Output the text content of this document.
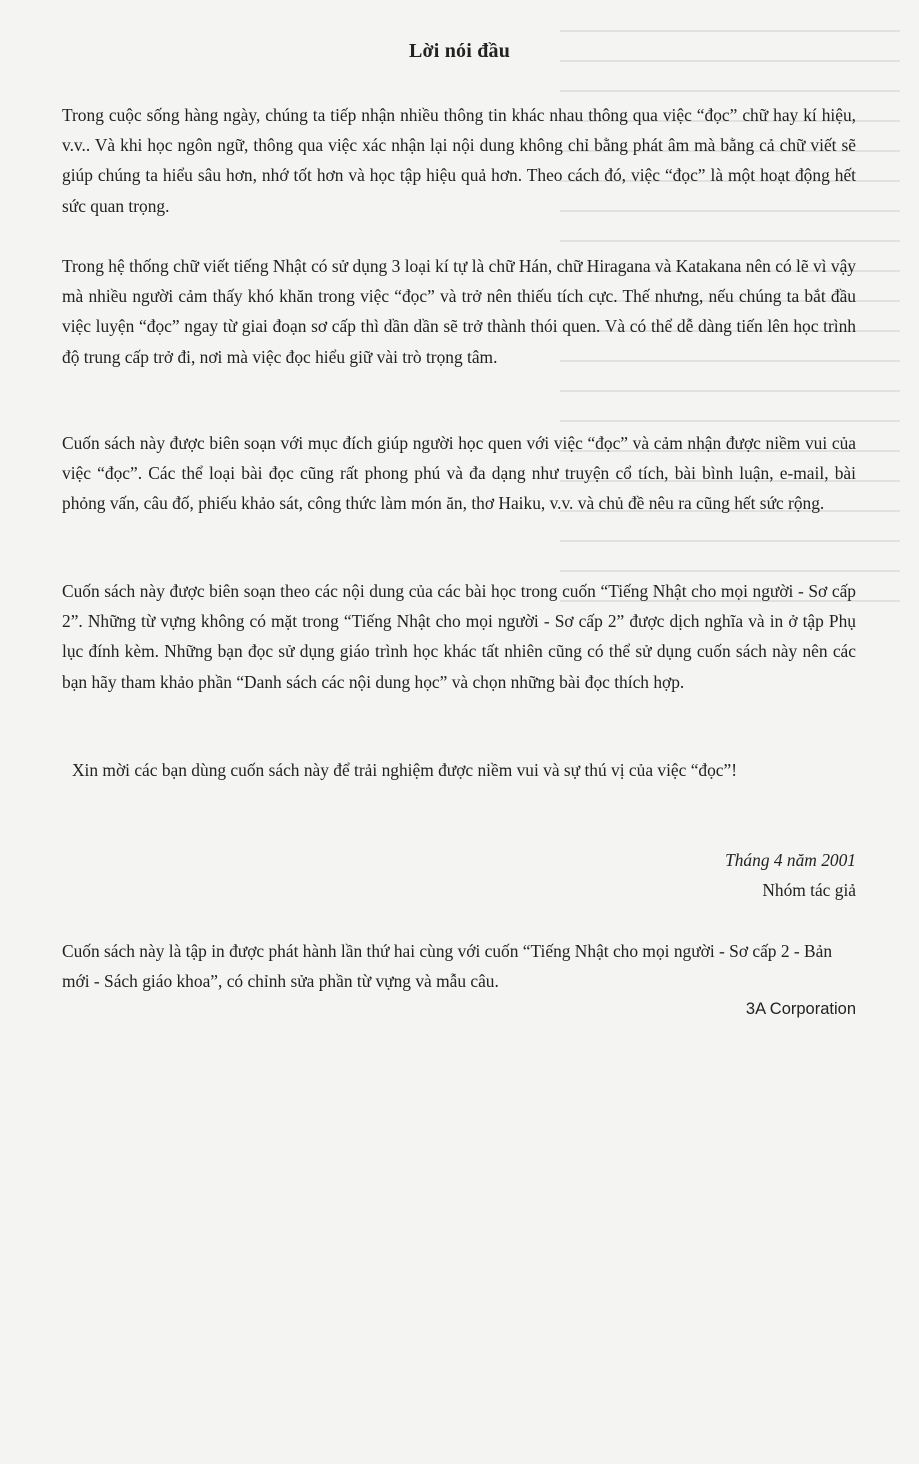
Lời nói đầu
Trong cuộc sống hàng ngày, chúng ta tiếp nhận nhiều thông tin khác nhau thông qua việc “đọc” chữ hay kí hiệu, v.v.. Và khi học ngôn ngữ, thông qua việc xác nhận lại nội dung không chỉ bằng phát âm mà bằng cả chữ viết sẽ giúp chúng ta hiểu sâu hơn, nhớ tốt hơn và học tập hiệu quả hơn. Theo cách đó, việc “đọc” là một hoạt động hết sức quan trọng.
Trong hệ thống chữ viết tiếng Nhật có sử dụng 3 loại kí tự là chữ Hán, chữ Hiragana và Katakana nên có lẽ vì vậy mà nhiều người cảm thấy khó khăn trong việc “đọc” và trở nên thiếu tích cực. Thế nhưng, nếu chúng ta bắt đầu việc luyện “đọc” ngay từ giai đoạn sơ cấp thì dần dần sẽ trở thành thói quen. Và có thể dễ dàng tiến lên học trình độ trung cấp trở đi, nơi mà việc đọc hiểu giữ vài trò trọng tâm.
Cuốn sách này được biên soạn với mục đích giúp người học quen với việc “đọc” và cảm nhận được niềm vui của việc “đọc”. Các thể loại bài đọc cũng rất phong phú và đa dạng như truyện cổ tích, bài bình luận, e-mail, bài phỏng vấn, câu đố, phiếu khảo sát, công thức làm món ăn, thơ Haiku, v.v. và chủ đề nêu ra cũng hết sức rộng.
Cuốn sách này được biên soạn theo các nội dung của các bài học trong cuốn “Tiếng Nhật cho mọi người - Sơ cấp 2”. Những từ vựng không có mặt trong “Tiếng Nhật cho mọi người - Sơ cấp 2” được dịch nghĩa và in ở tập Phụ lục đính kèm. Những bạn đọc sử dụng giáo trình học khác tất nhiên cũng có thể sử dụng cuốn sách này nên các bạn hãy tham khảo phần “Danh sách các nội dung học” và chọn những bài đọc thích hợp.
Xin mời các bạn dùng cuốn sách này để trải nghiệm được niềm vui và sự thú vị của việc “đọc”!
Tháng 4 năm 2001
Nhóm tác giả
Cuốn sách này là tập in được phát hành lần thứ hai cùng với cuốn “Tiếng Nhật cho mọi người - Sơ cấp 2 - Bản mới - Sách giáo khoa”, có chỉnh sửa phần từ vựng và mẫu câu.
3A Corporation
